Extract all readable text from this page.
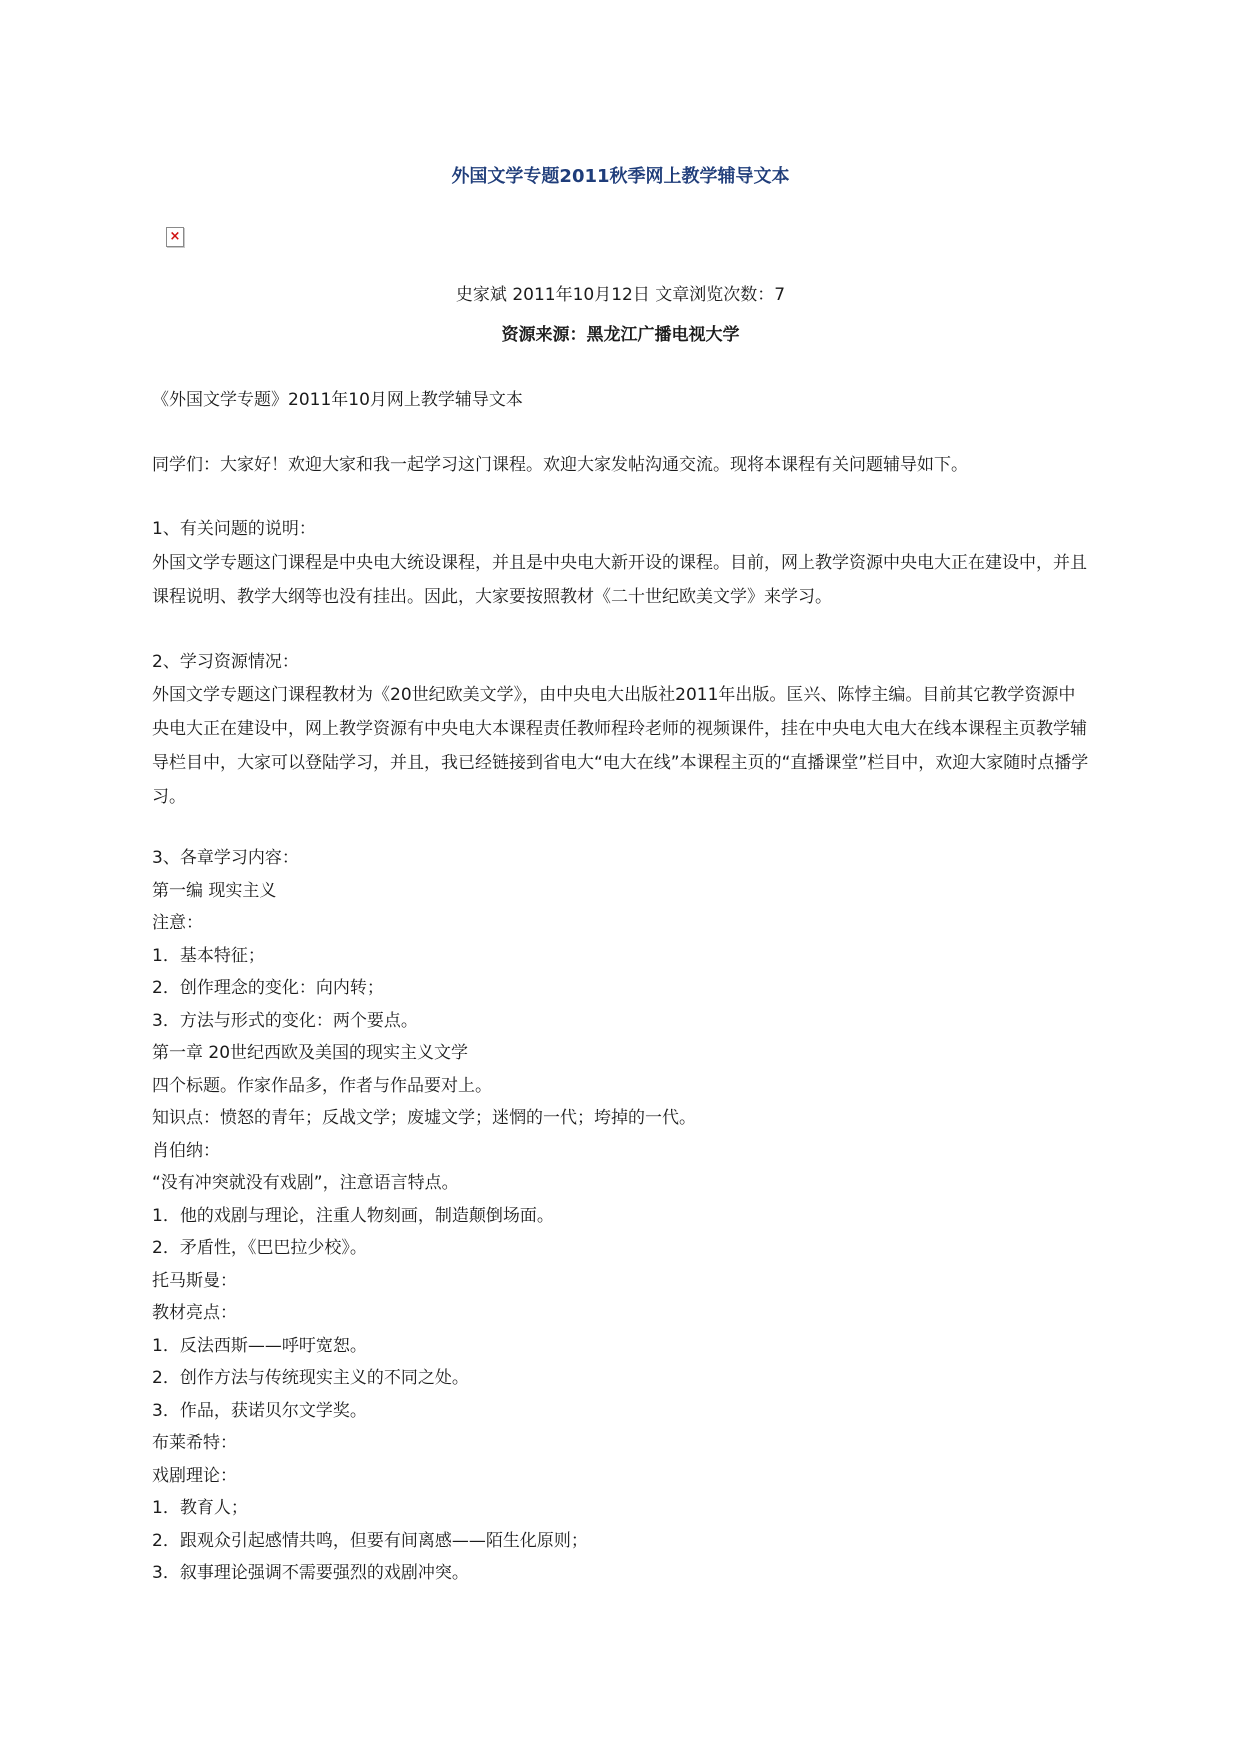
外国文学专题2011秋季网上教学辅导文本
×
史家斌 2011年10月12日 文章浏览次数：7
资源来源：黑龙江广播电视大学

《外国文学专题》2011年10月网上教学辅导文本

同学们：大家好！欢迎大家和我一起学习这门课程。欢迎大家发帖沟通交流。现将本课程有关问题辅导如下。

1、有关问题的说明：

外国文学专题这门课程是中央电大统设课程，并且是中央电大新开设的课程。目前，网上教学资源中央电大正在建设中，并且课程说明、教学大纲等也没有挂出。因此，大家要按照教材《二十世纪欧美文学》来学习。

2、学习资源情况：

外国文学专题这门课程教材为《20世纪欧美文学》，由中央电大出版社2011年出版。匡兴、陈悖主编。目前其它教学资源中央电大正在建设中，网上教学资源有中央电大本课程责任教师程玲老师的视频课件，挂在中央电大电大在线本课程主页教学辅导栏目中，大家可以登陆学习，并且，我已经链接到省电大“电大在线”本课程主页的“直播课堂”栏目中，欢迎大家随时点播学习。

3、各章学习内容：

第一编 现实主义

注意：

1．基本特征；

2．创作理念的变化：向内转；

3．方法与形式的变化：两个要点。

第一章 20世纪西欧及美国的现实主义文学

四个标题。作家作品多，作者与作品要对上。

知识点：愤怒的青年；反战文学；废墟文学；迷惘的一代；垮掉的一代。

肖伯纳：

“没有冲突就没有戏剧”，注意语言特点。

1．他的戏剧与理论，注重人物刻画，制造颠倒场面。

2．矛盾性，《巴巴拉少校》。

托马斯曼：

教材亮点：

1．反法西斯——呼吁宽恕。

2．创作方法与传统现实主义的不同之处。

3．作品，获诺贝尔文学奖。

布莱希特：

戏剧理论：

1．教育人；

2．跟观众引起感情共鸣，但要有间离感——陌生化原则；

3．叙事理论强调不需要强烈的戏剧冲突。
